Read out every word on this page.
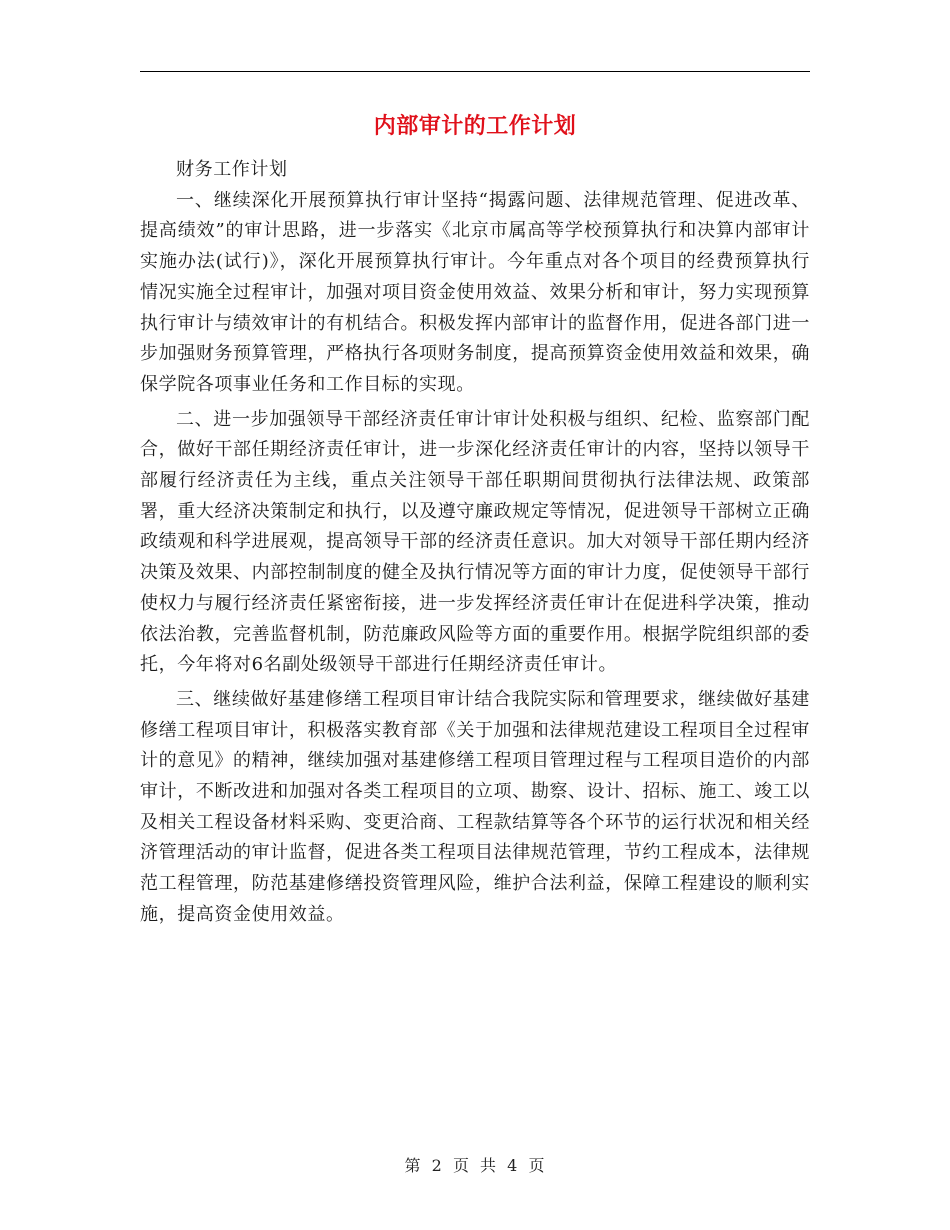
内部审计的工作计划

财务工作计划

一、继续深化开展预算执行审计坚持“揭露问题、法律规范管理、促进改革、提高绩效”的审计思路，进一步落实《北京市属高等学校预算执行和决算内部审计实施办法(试行)》，深化开展预算执行审计。今年重点对各个项目的经费预算执行情况实施全过程审计，加强对项目资金使用效益、效果分析和审计，努力实现预算执行审计与绩效审计的有机结合。积极发挥内部审计的监督作用，促进各部门进一步加强财务预算管理，严格执行各项财务制度，提高预算资金使用效益和效果，确保学院各项事业任务和工作目标的实现。

二、进一步加强领导干部经济责任审计审计处积极与组织、纪检、监察部门配合，做好干部任期经济责任审计，进一步深化经济责任审计的内容，坚持以领导干部履行经济责任为主线，重点关注领导干部任职期间贯彻执行法律法规、政策部署，重大经济决策制定和执行，以及遵守廉政规定等情况，促进领导干部树立正确政绩观和科学进展观，提高领导干部的经济责任意识。加大对领导干部任期内经济决策及效果、内部控制制度的健全及执行情况等方面的审计力度，促使领导干部行使权力与履行经济责任紧密衔接，进一步发挥经济责任审计在促进科学决策，推动依法治教，完善监督机制，防范廉政风险等方面的重要作用。根据学院组织部的委托，今年将对6名副处级领导干部进行任期经济责任审计。

三、继续做好基建修缮工程项目审计结合我院实际和管理要求，继续做好基建修缮工程项目审计，积极落实教育部《关于加强和法律规范建设工程项目全过程审计的意见》的精神，继续加强对基建修缮工程项目管理过程与工程项目造价的内部审计，不断改进和加强对各类工程项目的立项、勘察、设计、招标、施工、竣工以及相关工程设备材料采购、变更洽商、工程款结算等各个环节的运行状况和相关经济管理活动的审计监督，促进各类工程项目法律规范管理，节约工程成本，法律规范工程管理，防范基建修缮投资管理风险，维护合法利益，保障工程建设的顺利实施，提高资金使用效益。

第 2 页 共 4 页
